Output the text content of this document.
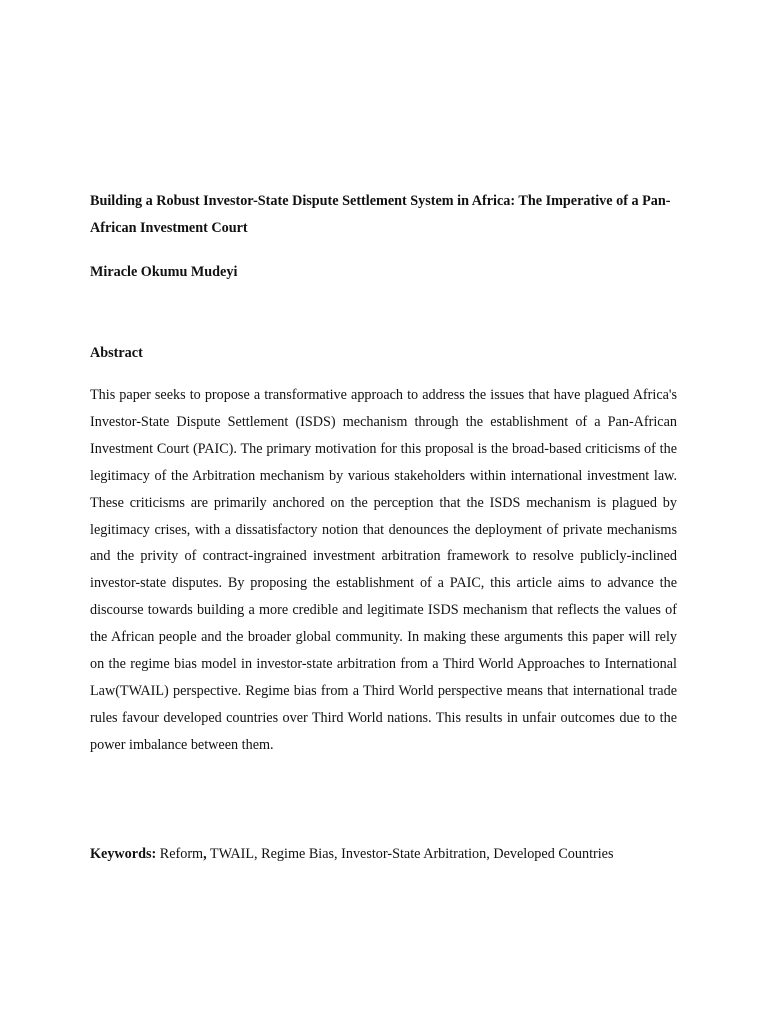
Building a Robust Investor-State Dispute Settlement System in Africa: The Imperative of a Pan-African Investment Court

Miracle Okumu Mudeyi

Abstract

This paper seeks to propose a transformative approach to address the issues that have plagued Africa's Investor-State Dispute Settlement (ISDS) mechanism through the establishment of a Pan-African Investment Court (PAIC). The primary motivation for this proposal is the broad-based criticisms of the legitimacy of the Arbitration mechanism by various stakeholders within international investment law. These criticisms are primarily anchored on the perception that the ISDS mechanism is plagued by legitimacy crises, with a dissatisfactory notion that denounces the deployment of private mechanisms and the privity of contract-ingrained investment arbitration framework to resolve publicly-inclined investor-state disputes. By proposing the establishment of a PAIC, this article aims to advance the discourse towards building a more credible and legitimate ISDS mechanism that reflects the values of the African people and the broader global community. In making these arguments this paper will rely on the regime bias model in investor-state arbitration from a Third World Approaches to International Law(TWAIL) perspective. Regime bias from a Third World perspective means that international trade rules favour developed countries over Third World nations. This results in unfair outcomes due to the power imbalance between them.

Keywords: Reform, TWAIL, Regime Bias, Investor-State Arbitration, Developed Countries
